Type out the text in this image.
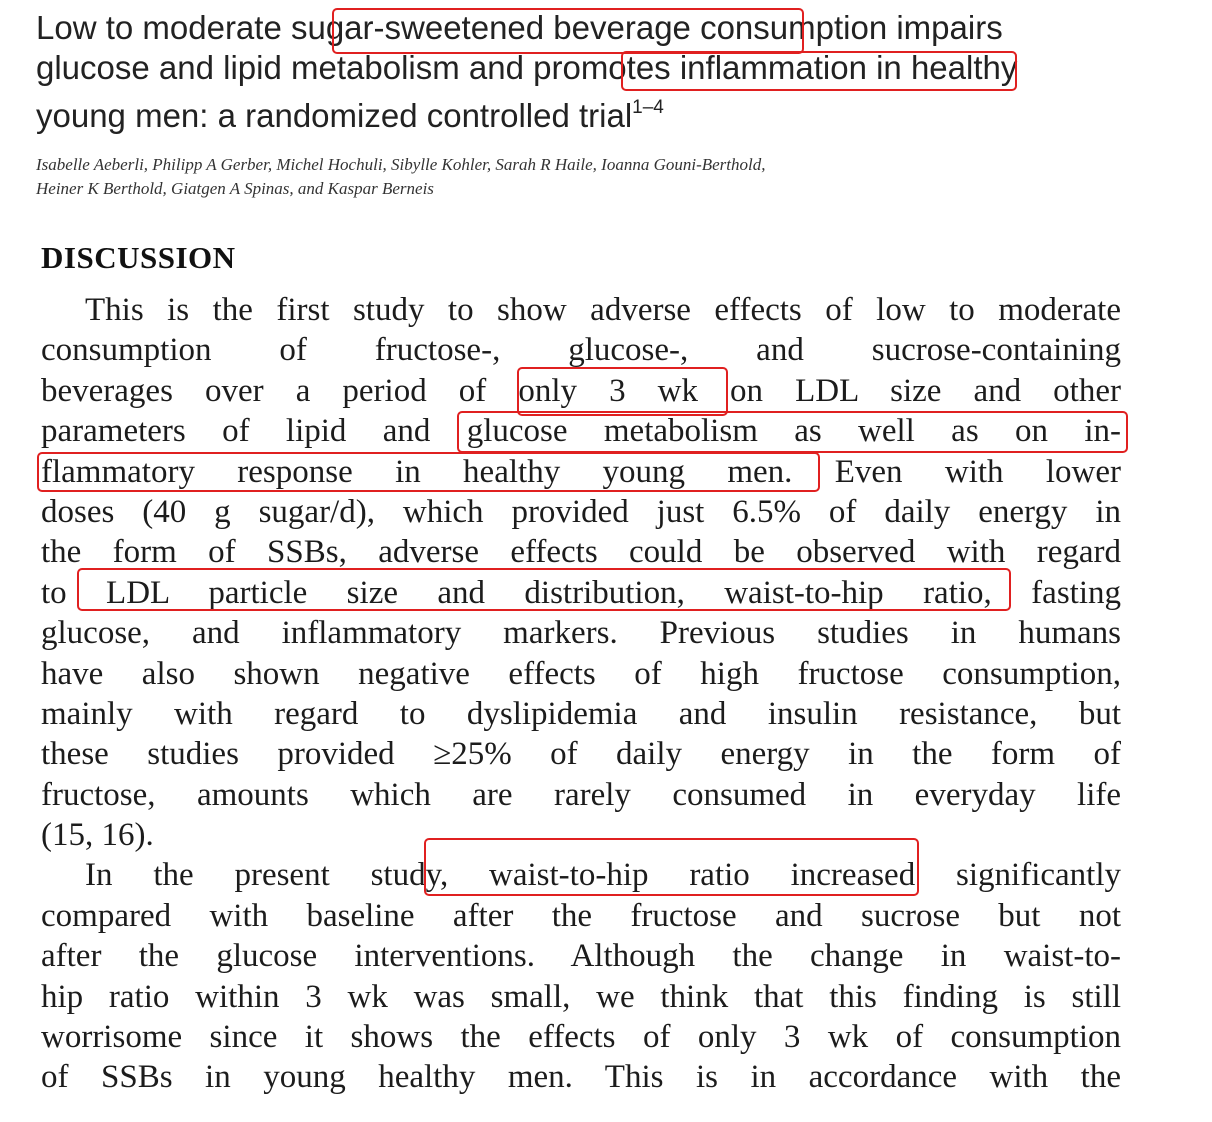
Low to moderate sugar-sweetened beverage consumption impairs
glucose and lipid metabolism and promotes inflammation in healthy
young men: a randomized controlled trial$^{1-4}$
Isabelle Aeberli, Philipp A Gerber, Michel Hochuli, Sibylle Kohler, Sarah R Haile, Ioanna Gouni-Berthold,
Heiner K Berthold, Giatgen A Spinas, and Kaspar Berneis
DISCUSSION
This is the first study to show adverse effects of low to moderate
consumption of fructose-, glucose-, and sucrose-containing
beverages over a period of only 3 wk on LDL size and other
parameters of lipid and glucose metabolism as well as on in-
flammatory response in healthy young men. Even with lower
doses (40 g sugar/d), which provided just 6.5% of daily energy in
the form of SSBs, adverse effects could be observed with regard
to LDL particle size and distribution, waist-to-hip ratio, fasting
glucose, and inflammatory markers. Previous studies in humans
have also shown negative effects of high fructose consumption,
mainly with regard to dyslipidemia and insulin resistance, but
these studies provided ≥25% of daily energy in the form of
fructose, amounts which are rarely consumed in everyday life
(15, 16).
In the present study, waist-to-hip ratio increased significantly
compared with baseline after the fructose and sucrose but not
after the glucose interventions. Although the change in waist-to-
hip ratio within 3 wk was small, we think that this finding is still
worrisome since it shows the effects of only 3 wk of consumption
of SSBs in young healthy men. This is in accordance with the
